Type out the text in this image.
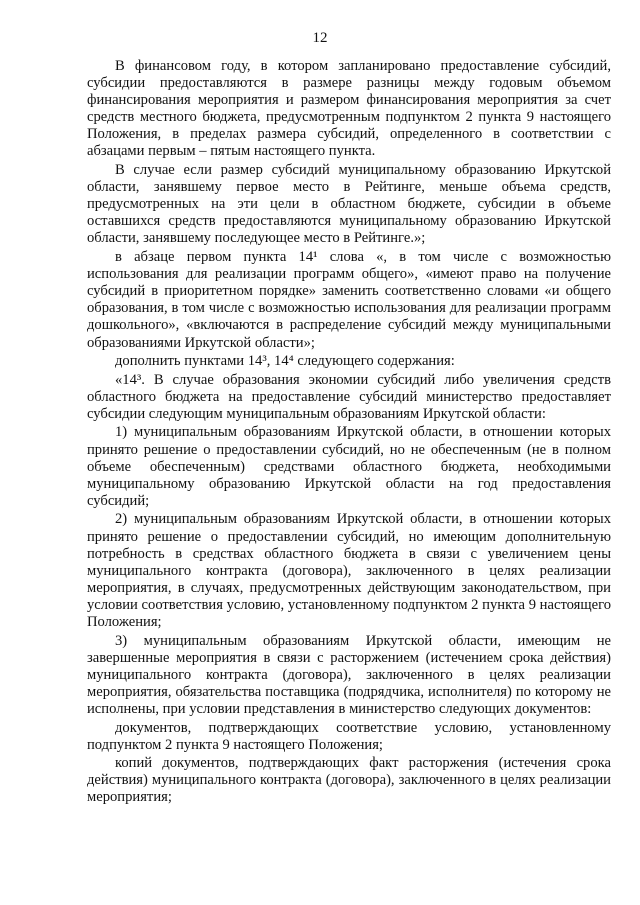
12

В финансовом году, в котором запланировано предоставление субсидий, субсидии предоставляются в размере разницы между годовым объемом финансирования мероприятия и размером финансирования мероприятия за счет средств местного бюджета, предусмотренным подпунктом 2 пункта 9 настоящего Положения, в пределах размера субсидий, определенного в соответствии с абзацами первым – пятым настоящего пункта.

В случае если размер субсидий муниципальному образованию Иркутской области, занявшему первое место в Рейтинге, меньше объема средств, предусмотренных на эти цели в областном бюджете, субсидии в объеме оставшихся средств предоставляются муниципальному образованию Иркутской области, занявшему последующее место в Рейтинге.»;

в абзаце первом пункта 14¹ слова «, в том числе с возможностью использования для реализации программ общего», «имеют право на получение субсидий в приоритетном порядке» заменить соответственно словами «и общего образования, в том числе с возможностью использования для реализации программ дошкольного», «включаются в распределение субсидий между муниципальными образованиями Иркутской области»;

дополнить пунктами 14³, 14⁴ следующего содержания:

«14³. В случае образования экономии субсидий либо увеличения средств областного бюджета на предоставление субсидий министерство предоставляет субсидии следующим муниципальным образованиям Иркутской области:

1) муниципальным образованиям Иркутской области, в отношении которых принято решение о предоставлении субсидий, но не обеспеченным (не в полном объеме обеспеченным) средствами областного бюджета, необходимыми муниципальному образованию Иркутской области на год предоставления субсидий;

2) муниципальным образованиям Иркутской области, в отношении которых принято решение о предоставлении субсидий, но имеющим дополнительную потребность в средствах областного бюджета в связи с увеличением цены муниципального контракта (договора), заключенного в целях реализации мероприятия, в случаях, предусмотренных действующим законодательством, при условии соответствия условию, установленному подпунктом 2 пункта 9 настоящего Положения;

3) муниципальным образованиям Иркутской области, имеющим не завершенные мероприятия в связи с расторжением (истечением срока действия) муниципального контракта (договора), заключенного в целях реализации мероприятия, обязательства поставщика (подрядчика, исполнителя) по которому не исполнены, при условии представления в министерство следующих документов:

документов, подтверждающих соответствие условию, установленному подпунктом 2 пункта 9 настоящего Положения;

копий документов, подтверждающих факт расторжения (истечения срока действия) муниципального контракта (договора), заключенного в целях реализации мероприятия;
